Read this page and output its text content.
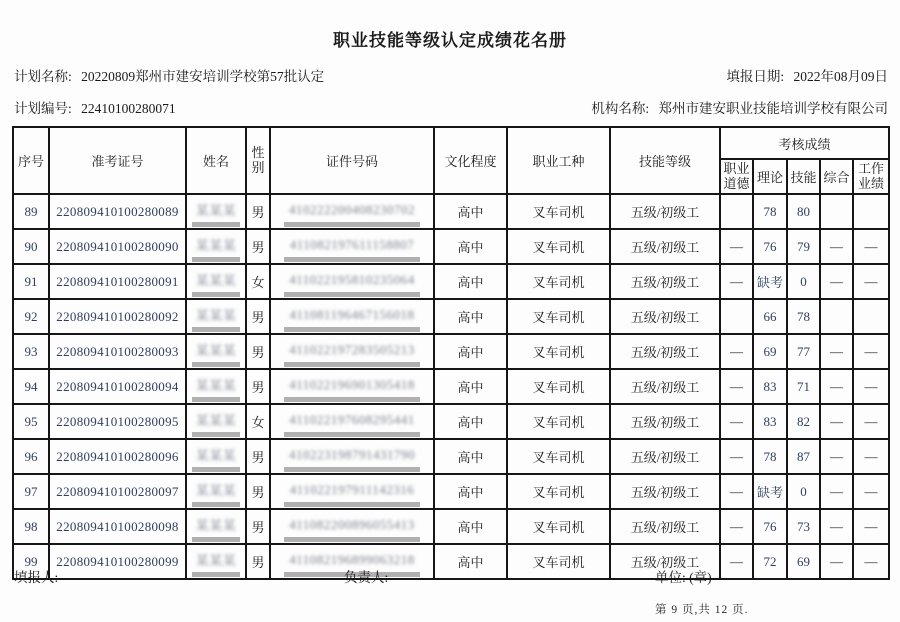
职业技能等级认定成绩花名册
计划名称: 20220809郑州市建安培训学校第57批认定	填报日期: 2022年08月09日
计划编号: 22410100280071	机构名称: 郑州市建安职业技能培训学校有限公司
序号	准考证号	姓名	性别	证件号码	文化程度	职业工种	技能等级	考核成绩				
								职业道德	理论	技能	综合	工作业绩
89	220809410100280089	某某某	男	410222200408230702	高中	叉车司机	五级/初级工		78	80		
90	220809410100280090	某某某	男	411082197611158807	高中	叉车司机	五级/初级工	—	76	79	—	—
91	220809410100280091	某某某	女	411022195810235064	高中	叉车司机	五级/初级工	—	缺考	0	—	—
92	220809410100280092	某某某	男	411081196467156018	高中	叉车司机	五级/初级工		66	78		
93	220809410100280093	某某某	男	411022197283505213	高中	叉车司机	五级/初级工	—	69	77	—	—
94	220809410100280094	某某某	男	411022196901305418	高中	叉车司机	五级/初级工	—	83	71	—	—
95	220809410100280095	某某某	女	411022197608295441	高中	叉车司机	五级/初级工	—	83	82	—	—
96	220809410100280096	某某某	男	410223198791431790	高中	叉车司机	五级/初级工	—	78	87	—	—
97	220809410100280097	某某某	男	411022197911142316	高中	叉车司机	五级/初级工	—	缺考	0	—	—
98	220809410100280098	某某某	男	411082200896055413	高中	叉车司机	五级/初级工	—	76	73	—	—
99	220809410100280099	某某某	男	411082196899063218	高中	叉车司机	五级/初级工	—	72	69	—	—
填报人:	负责人:	单位: (章)
第 9 页,共 12 页.
